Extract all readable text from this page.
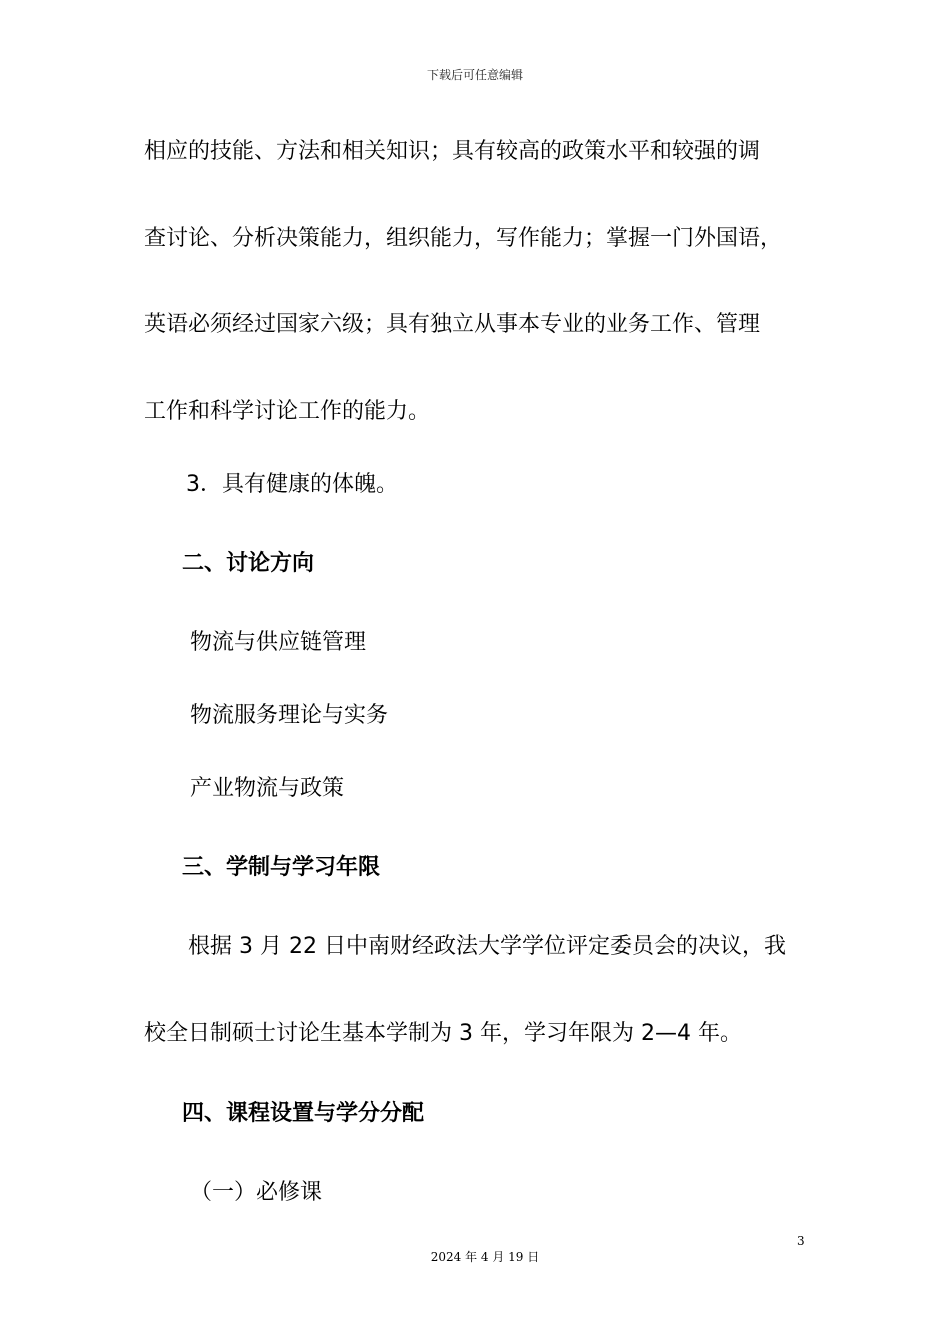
下载后可任意编辑
相应的技能、方法和相关知识；具有较高的政策水平和较强的调
查讨论、分析决策能力，组织能力，写作能力；掌握一门外国语，
英语必须经过国家六级；具有独立从事本专业的业务工作、管理
工作和科学讨论工作的能力。
3．具有健康的体魄。
二、讨论方向
物流与供应链管理
物流服务理论与实务
产业物流与政策
三、学制与学习年限
根据 3 月 22 日中南财经政法大学学位评定委员会的决议，我
校全日制硕士讨论生基本学制为 3 年，学习年限为 2—4 年。
四、课程设置与学分分配
（一）必修课
3
2024 年 4 月 19 日
